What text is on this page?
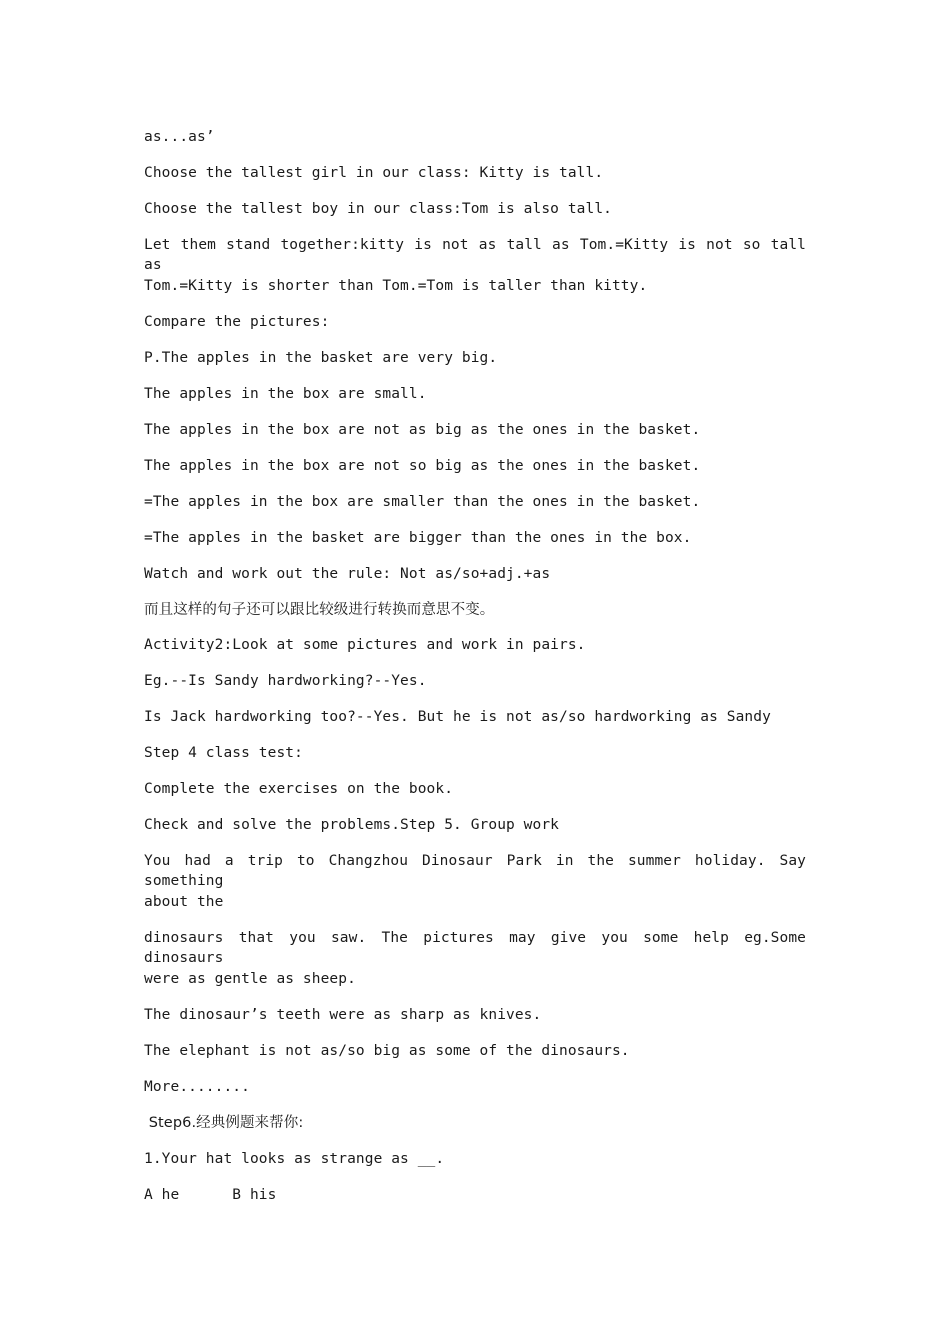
as...as’
Choose the tallest girl in our class: Kitty is tall.
Choose the tallest boy in our class:Tom is also tall.
Let them stand together:kitty is not as tall as Tom.=Kitty is not so tall as
Tom.=Kitty is shorter than Tom.=Tom is taller than kitty.
Compare the pictures:
P.The apples in the basket are very big.
The apples in the box are small.
The apples in the box are not as big as the ones in the basket.
The apples in the box are not so big as the ones in the basket.
=The apples in the box are smaller than the ones in the basket.
=The apples in the basket are bigger than the ones in the box.
Watch and work out the rule: Not as/so+adj.+as
而且这样的句子还可以跟比较级进行转换而意思不变。
Activity2:Look at some pictures and work in pairs.
Eg.--Is Sandy hardworking?--Yes.
Is Jack hardworking too?--Yes. But he is not as/so hardworking as Sandy
Step 4 class test:
Complete the exercises on the book.
Check and solve the problems.Step 5. Group work
You had a trip to Changzhou Dinosaur Park in the summer holiday. Say something
about the
dinosaurs that you saw. The pictures may give you some help eg.Some dinosaurs
were as gentle as sheep.
The dinosaur’s teeth were as sharp as knives.
The elephant is not as/so big as some of the dinosaurs.
More........
Step6.经典例题来帮你:
1.Your hat looks as strange as __.
A he      B his
